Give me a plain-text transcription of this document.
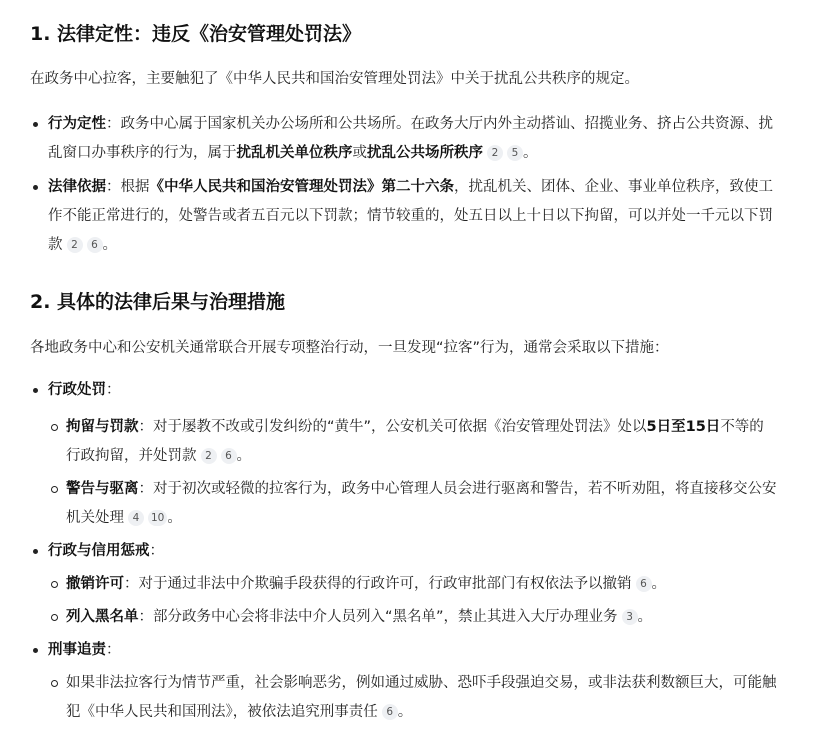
1. 法律定性：违反《治安管理处罚法》

在政务中心拉客，主要触犯了《中华人民共和国治安管理处罚法》中关于扰乱公共秩序的规定。

行为定性：政务中心属于国家机关办公场所和公共场所。在政务大厅内外主动搭讪、招揽业务、挤占公共资源、扰乱窗口办事秩序的行为，属于扰乱机关单位秩序或扰乱公共场所秩序 2 5 。
法律依据：根据《中华人民共和国治安管理处罚法》第二十六条，扰乱机关、团体、企业、事业单位秩序，致使工作不能正常进行的，处警告或者五百元以下罚款；情节较重的，处五日以上十日以下拘留，可以并处一千元以下罚款 2 6 。
2. 具体的法律后果与治理措施

各地政务中心和公安机关通常联合开展专项整治行动，一旦发现“拉客”行为，通常会采取以下措施：

行政处罚：
拘留与罚款：对于屡教不改或引发纠纷的“黄牛”，公安机关可依据《治安管理处罚法》处以5日至15日不等的行政拘留，并处罚款 2 6 。
警告与驱离：对于初次或轻微的拉客行为，政务中心管理人员会进行驱离和警告，若不听劝阻，将直接移交公安机关处理 4 10 。
行政与信用惩戒：
撤销许可：对于通过非法中介欺骗手段获得的行政许可，行政审批部门有权依法予以撤销 6 。
列入黑名单：部分政务中心会将非法中介人员列入“黑名单”，禁止其进入大厅办理业务 3 。
刑事追责：
如果非法拉客行为情节严重，社会影响恶劣，例如通过威胁、恐吓手段强迫交易，或非法获利数额巨大，可能触犯《中华人民共和国刑法》，被依法追究刑事责任 6 。
